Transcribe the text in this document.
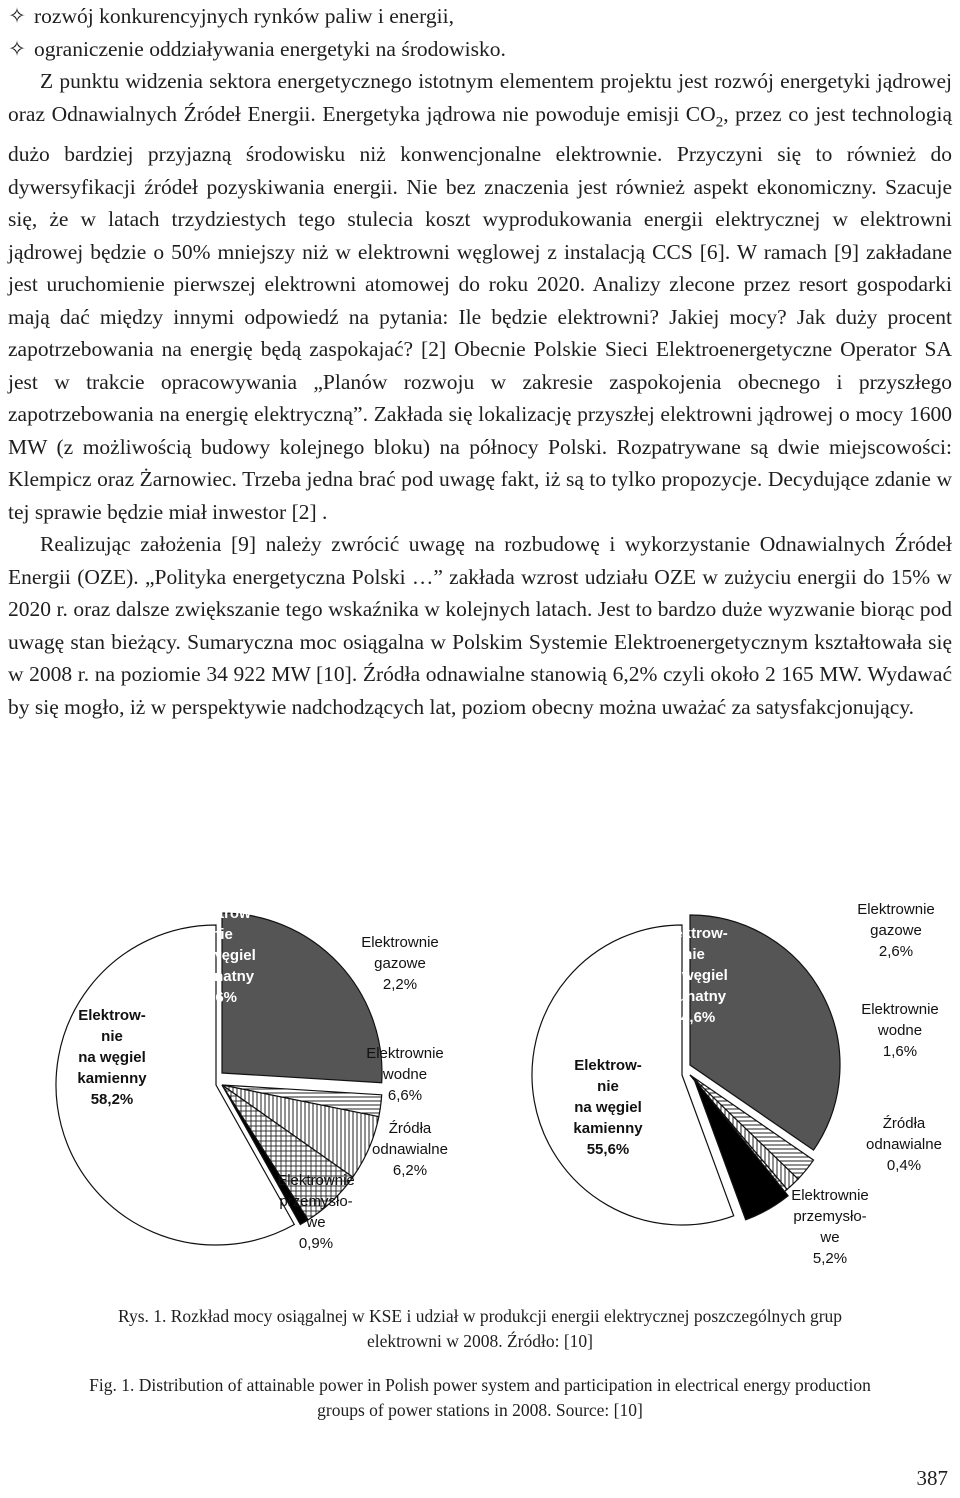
✧ rozwój konkurencyjnych rynków paliw i energii,
✧ ograniczenie oddziaływania energetyki na środowisko.

Z punktu widzenia sektora energetycznego istotnym elementem projektu jest rozwój energetyki jądrowej oraz Odnawialnych Źródeł Energii. Energetyka jądrowa nie powoduje emisji $CO_2$, przez co jest technologią dużo bardziej przyjazną środowisku niż konwencjonalne elektrownie. Przyczyni się to również do dywersyfikacji źródeł pozyskiwania energii. Nie bez znaczenia jest również aspekt ekonomiczny. Szacuje się, że w latach trzydziestych tego stulecia koszt wyprodukowania energii elektrycznej w elektrowni jądrowej będzie o 50% mniejszy niż w elektrowni węglowej z instalacją CCS [6]. W ramach [9] zakładane jest uruchomienie pierwszej elektrowni atomowej do roku 2020. Analizy zlecone przez resort gospodarki mają dać między innymi odpowiedź na pytania: Ile będzie elektrowni? Jakiej mocy? Jak duży procent zapotrzebowania na energię będą zaspokajać? [2] Obecnie Polskie Sieci Elektroenergetyczne Operator SA jest w trakcie opracowywania „Planów rozwoju w zakresie zaspokojenia obecnego i przyszłego zapotrzebowania na energię elektryczną”. Zakłada się lokalizację przyszłej elektrowni jądrowej o mocy 1600 MW (z możliwością budowy kolejnego bloku) na północy Polski. Rozpatrywane są dwie miejscowości: Klempicz oraz Żarnowiec. Trzeba jedna brać pod uwagę fakt, iż są to tylko propozycje. Decydujące zdanie w tej sprawie będzie miał inwestor [2] .

Realizując założenia [9] należy zwrócić uwagę na rozbudowę i wykorzystanie Odnawialnych Źródeł Energii (OZE). „Polityka energetyczna Polski …” zakłada wzrost udziału OZE w zużyciu energii do 15% w 2020 r. oraz dalsze zwiększanie tego wskaźnika w kolejnych latach. Jest to bardzo duże wyzwanie biorąc pod uwagę stan bieżący. Sumaryczna moc osiągalna w Polskim Systemie Elektroenergetycznym kształtowała się w 2008 r. na poziomie 34 922 MW [10]. Źródła odnawialne stanowią 6,2% czyli około 2 165 MW. Wydawać by się mogło, iż w perspektywie nadchodzących lat, poziom obecny można uważać za satysfakcjonujący.

Elektrow-nie na węgiel kamienny 58,2%
Elektrow-nie na węgiel brunatny 26%
Elektrownie gazowe 2,2%
Elektrownie wodne 6,6%
Źródła odnawialne 6,2%
Elektrownie przemysło-we 0,9%
Elektrow-nie na węgiel kamienny 55,6%
Elektrow-nie na węgiel brunatny 34,6%
Elektrownie gazowe 2,6%
Elektrownie wodne 1,6%
Źródła odnawialne 0,4%
Elektrownie przemysło-we 5,2%
Rys. 1. Rozkład mocy osiągalnej w KSE i udział w produkcji energii elektrycznej poszczególnych grup
elektrowni w 2008. Źródło: [10]
Fig. 1. Distribution of attainable power in Polish power system and participation in electrical energy production
groups of power stations in 2008. Source: [10]
387
